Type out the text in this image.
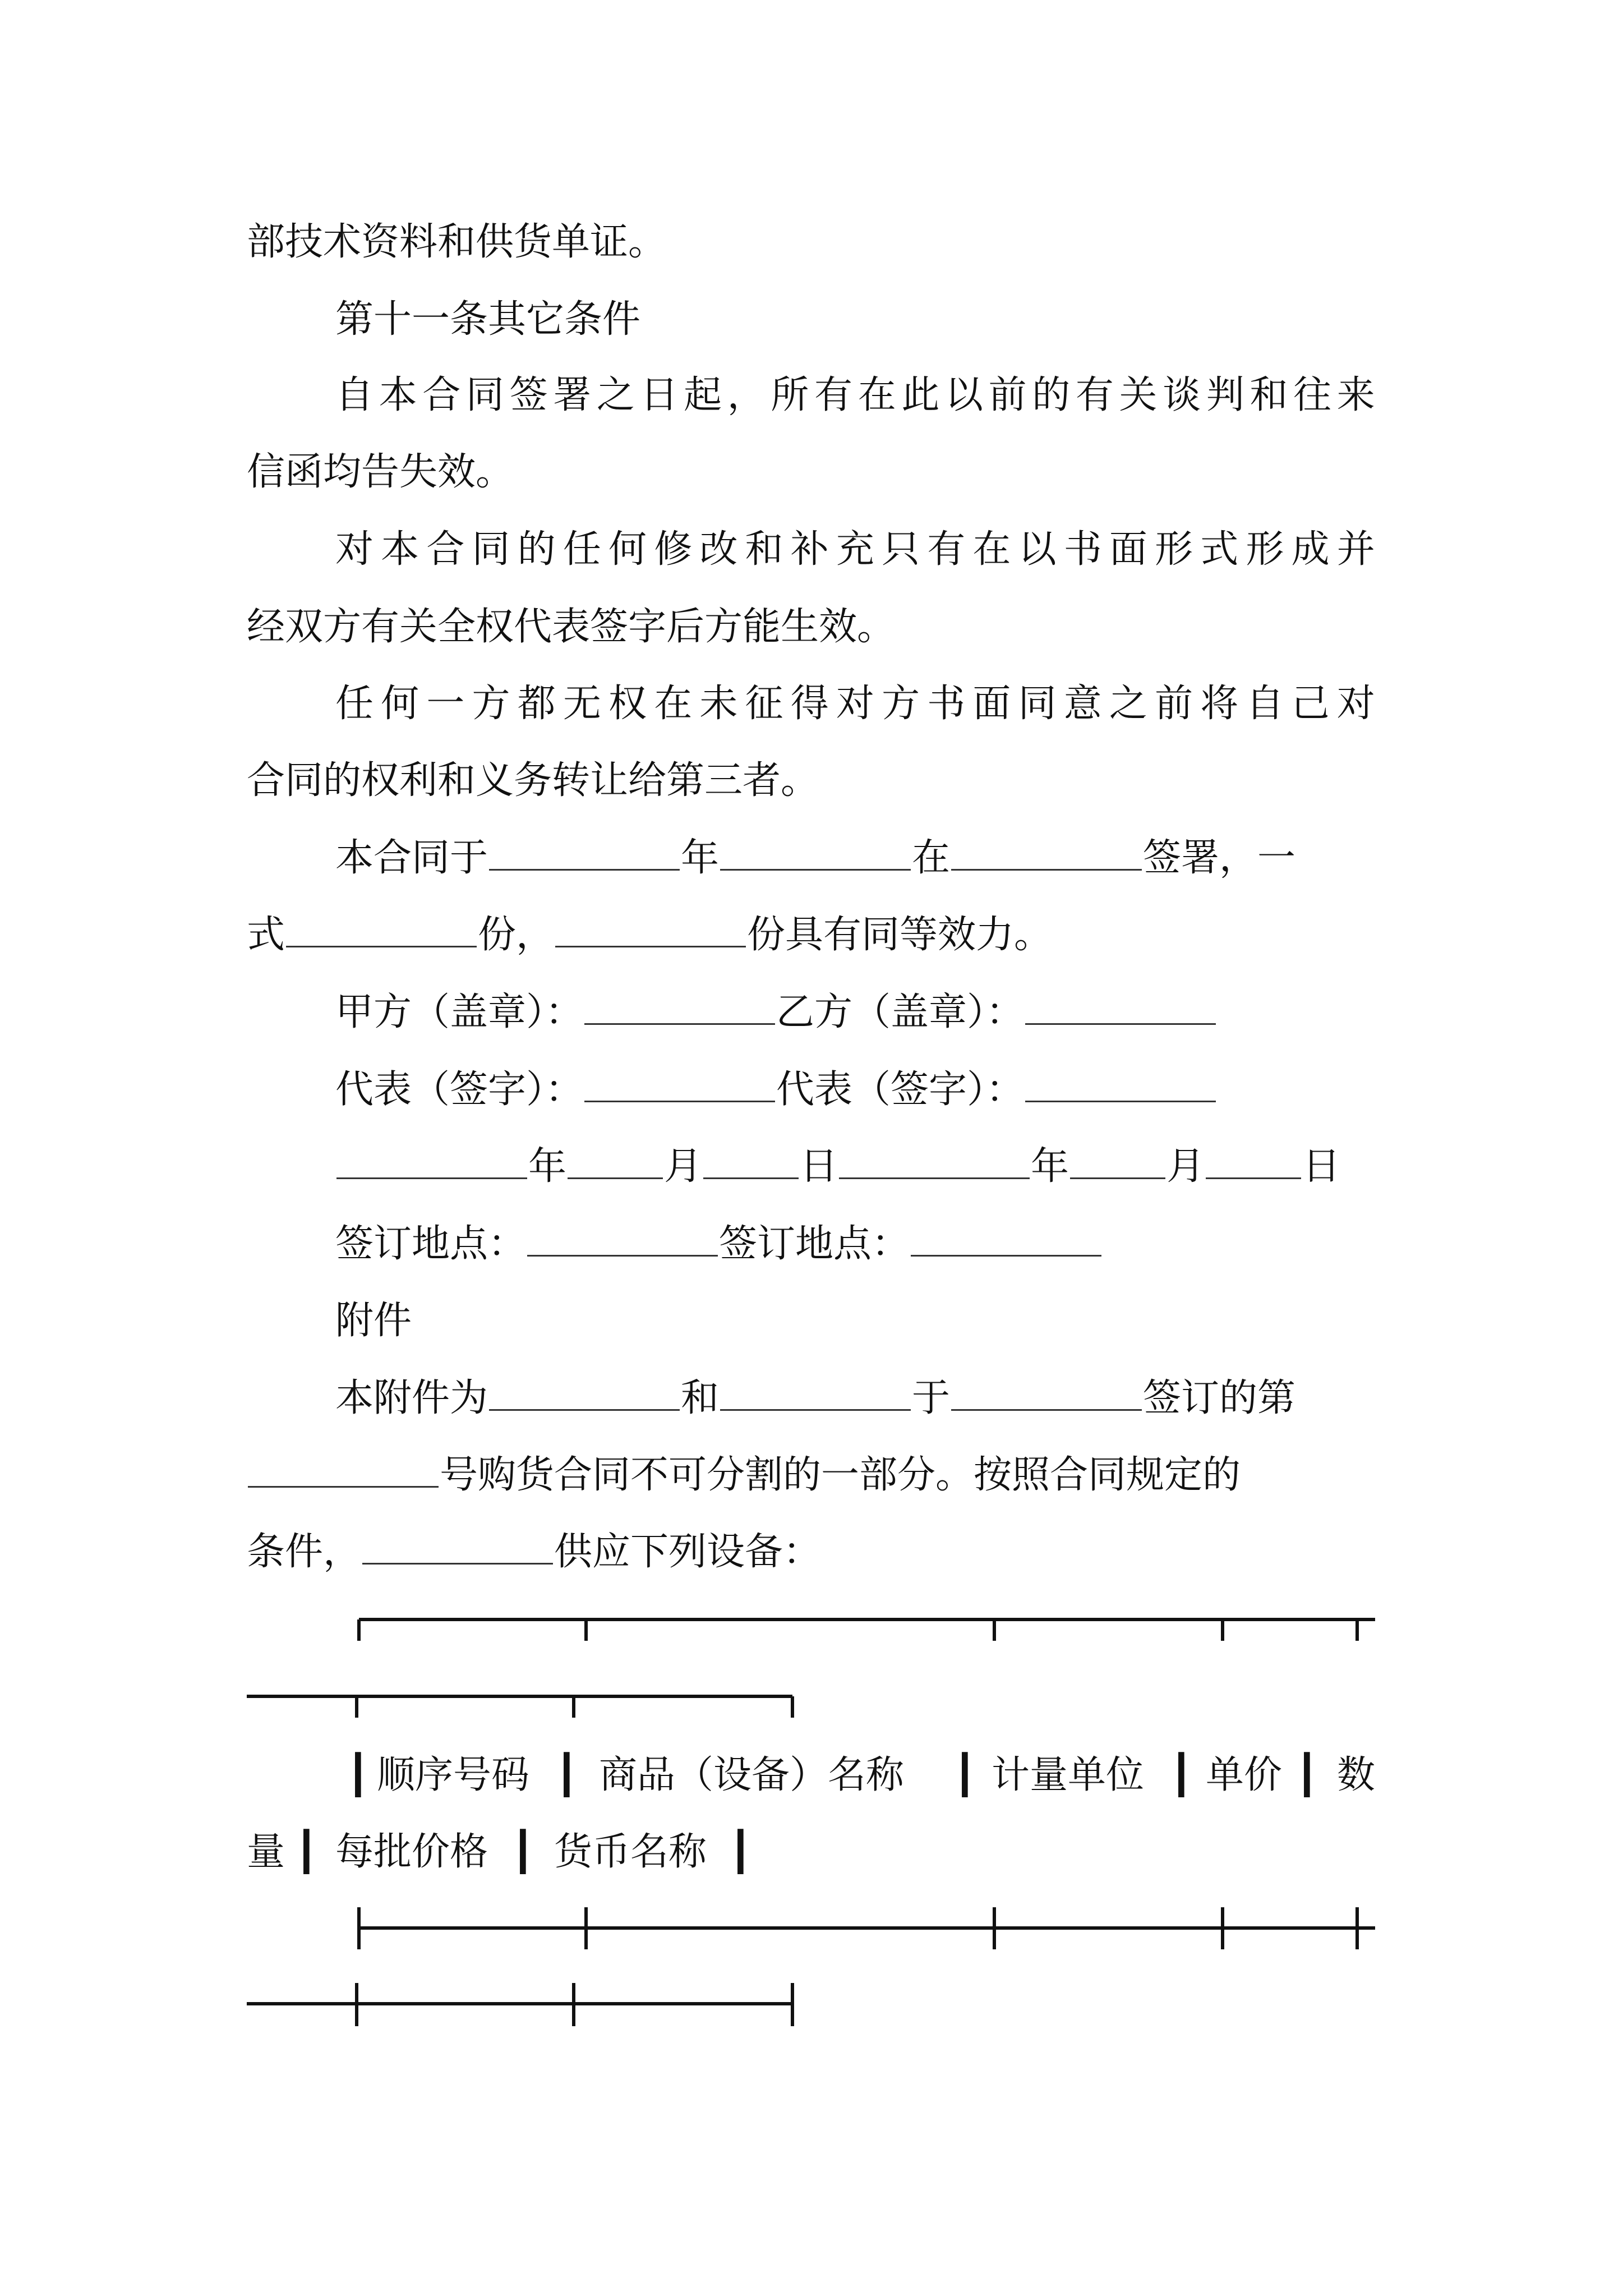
部技术资料和供货单证。
第十一条其它条件
自 本 合 同 签 署 之 日 起 ， 所 有 在 此 以 前 的 有 关 谈 判 和 往 来
信函均告失效。
对 本 合 同 的 任 何 修 改 和 补 充 只 有 在 以 书 面 形 式 形 成 并
经双方有关全权代表签字后方能生效。
任 何 一 方 都 无 权 在 未 征 得 对 方 书 面 同 意 之 前 将 自 己 对
合同的权利和义务转让给第三者。
本合同于	年	在	签署，一
式	份，	份具有同等效力。
甲方（盖章）：	乙方（盖章）：
代表（签字）：	代表（签字）：
年	月	日	年	月	日
签订地点：	签订地点：
附件
本附件为	和	于	签订的第
号购货合同不可分割的一部分。按照合同规定的
条件，	供应下列设备：
┃ 顺序号码 ┃ 商品（设备）名称 ┃ 计量单位 ┃ 单价 ┃ 数
量 ┃ 每批价格 ┃ 货币名称 ┃
